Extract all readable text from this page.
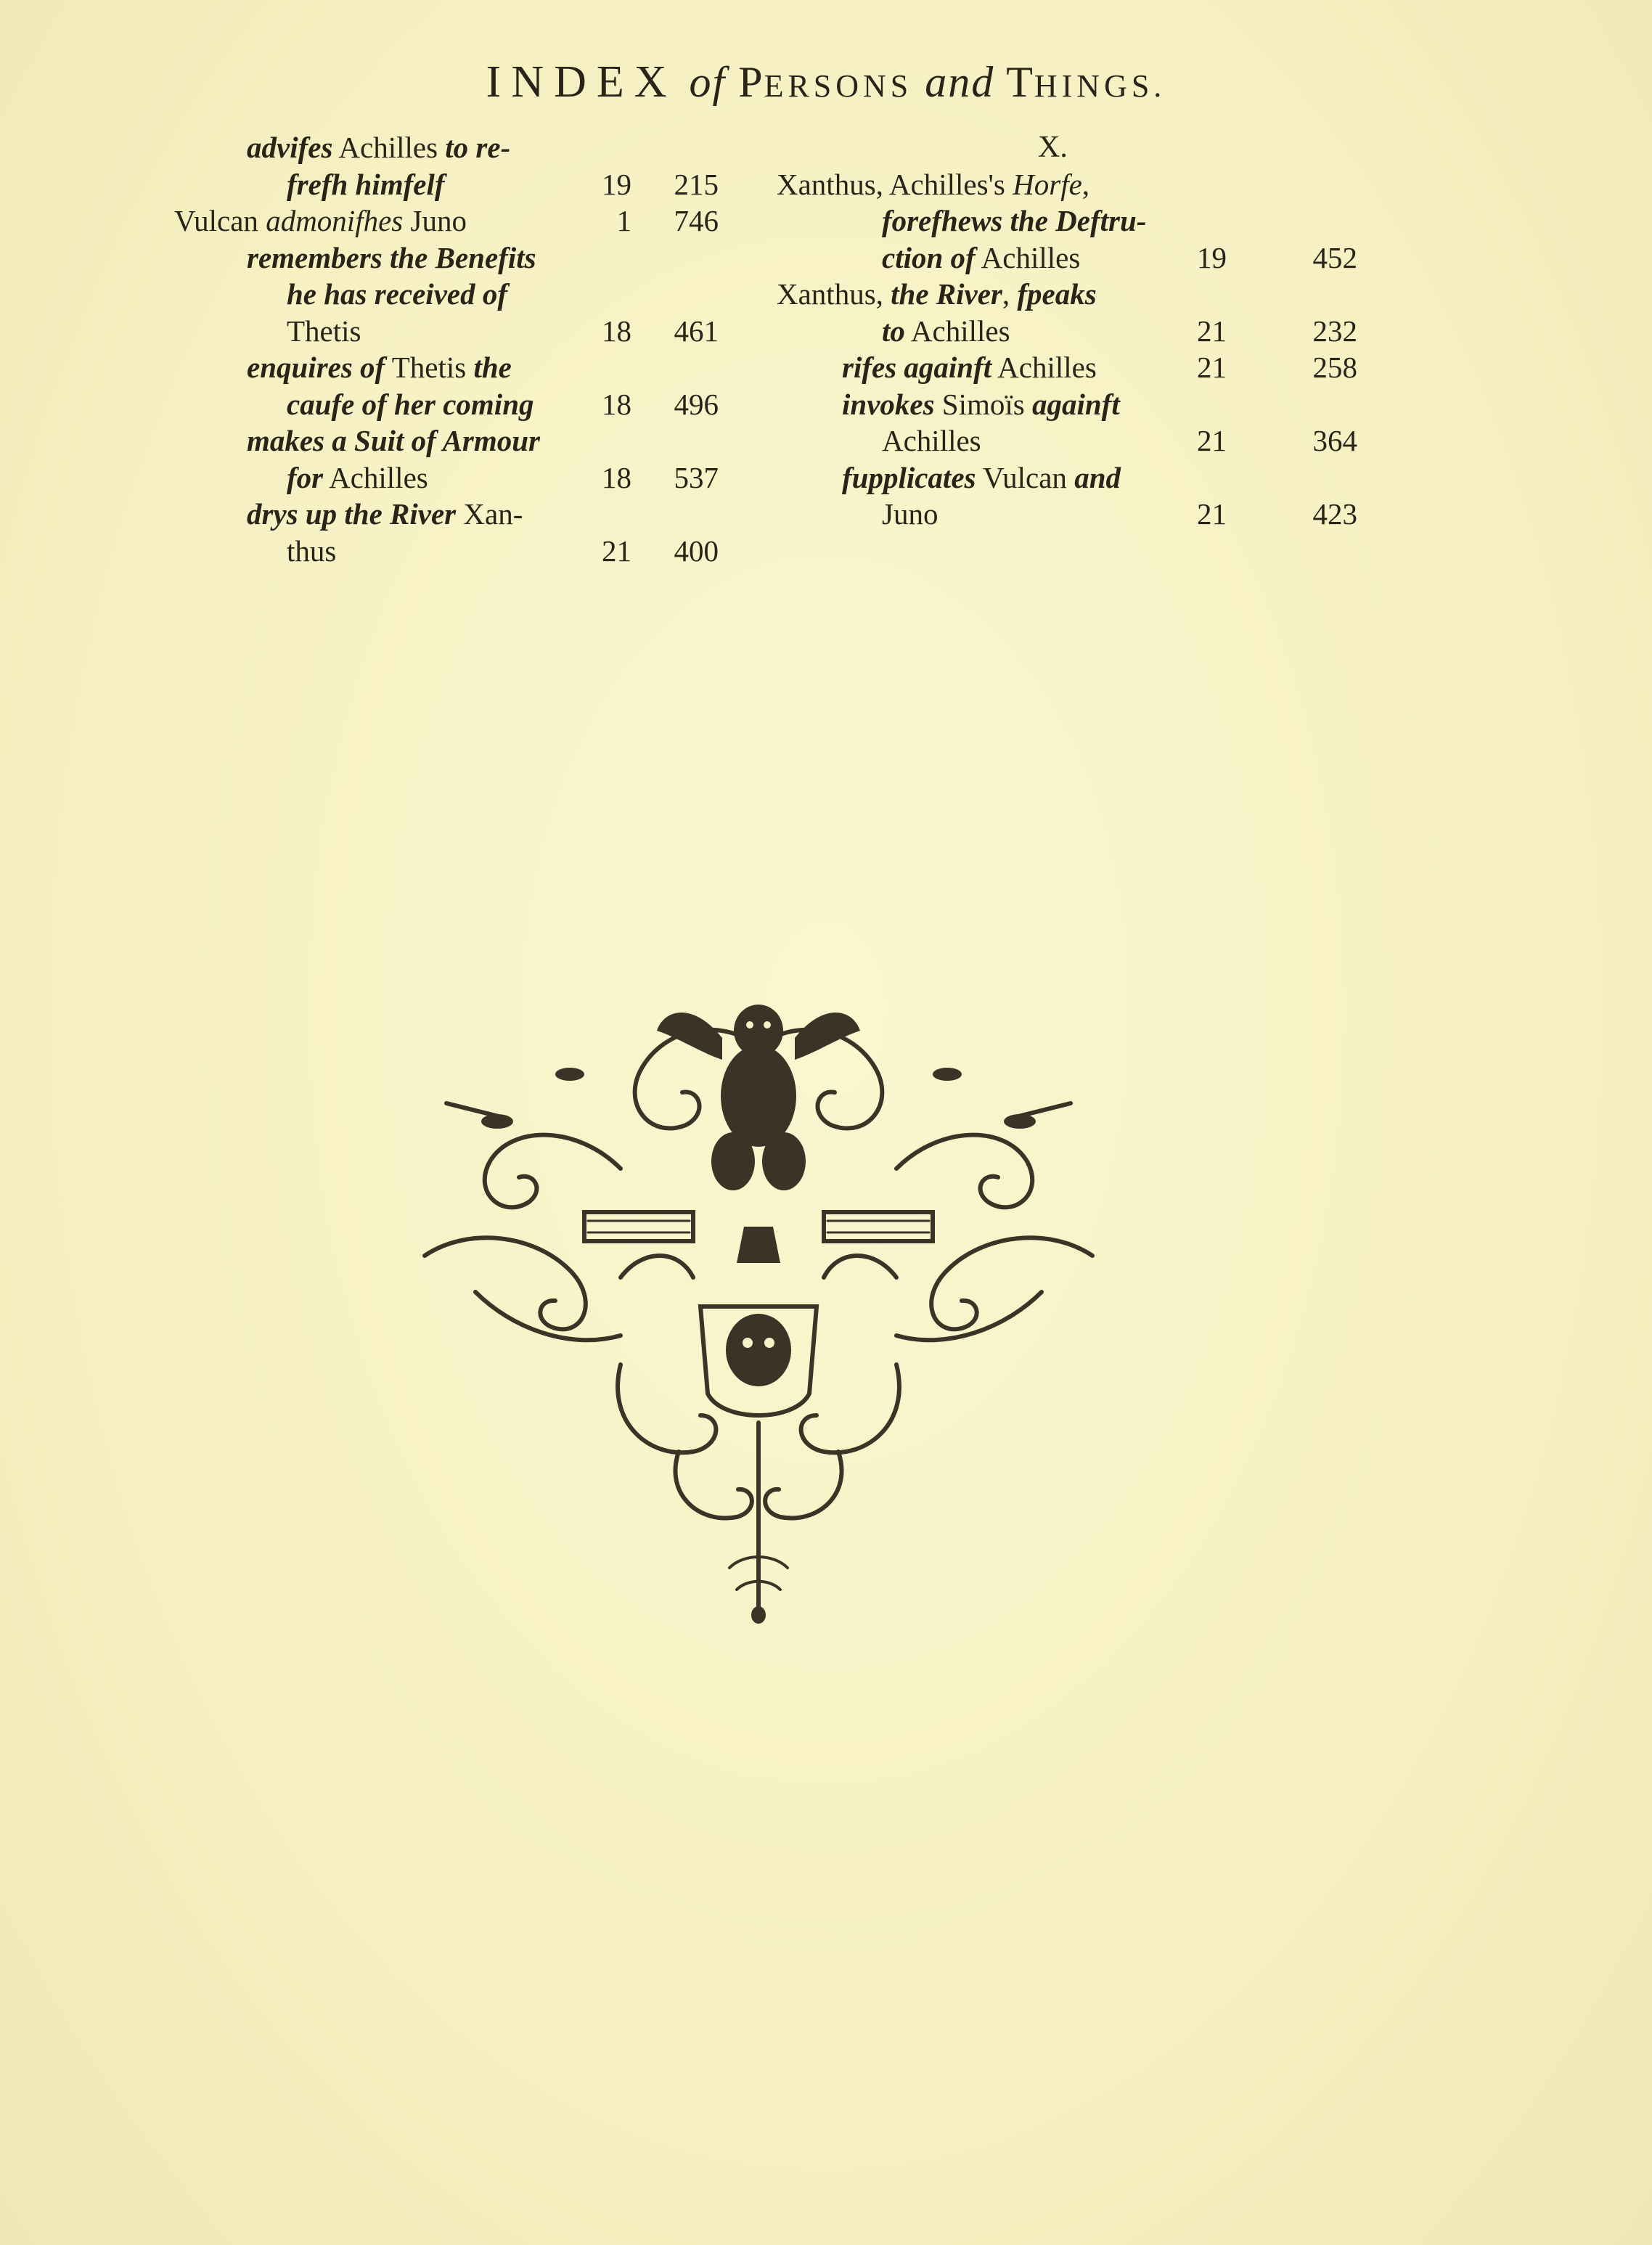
INDEX of PERSONS and THINGS.
X.
advifes Achilles to re-
frefh himfelf	19	215
Vulcan admonifhes Juno	1	746
remembers the Benefits
he has received of
Thetis	18	461
enquires of Thetis the
caufe of her coming	18	496
makes a Suit of Armour
for Achilles	18	537
drys up the River Xan-
thus	21	400
Xanthus, Achilles's Horfe,
forefhews the Deftru-
ction of Achilles	19	452
Xanthus, the River, fpeaks
to Achilles	21	232
rifes againft Achilles	21	258
invokes Simoïs againft
Achilles	21	364
fupplicates Vulcan and
Juno	21	423
